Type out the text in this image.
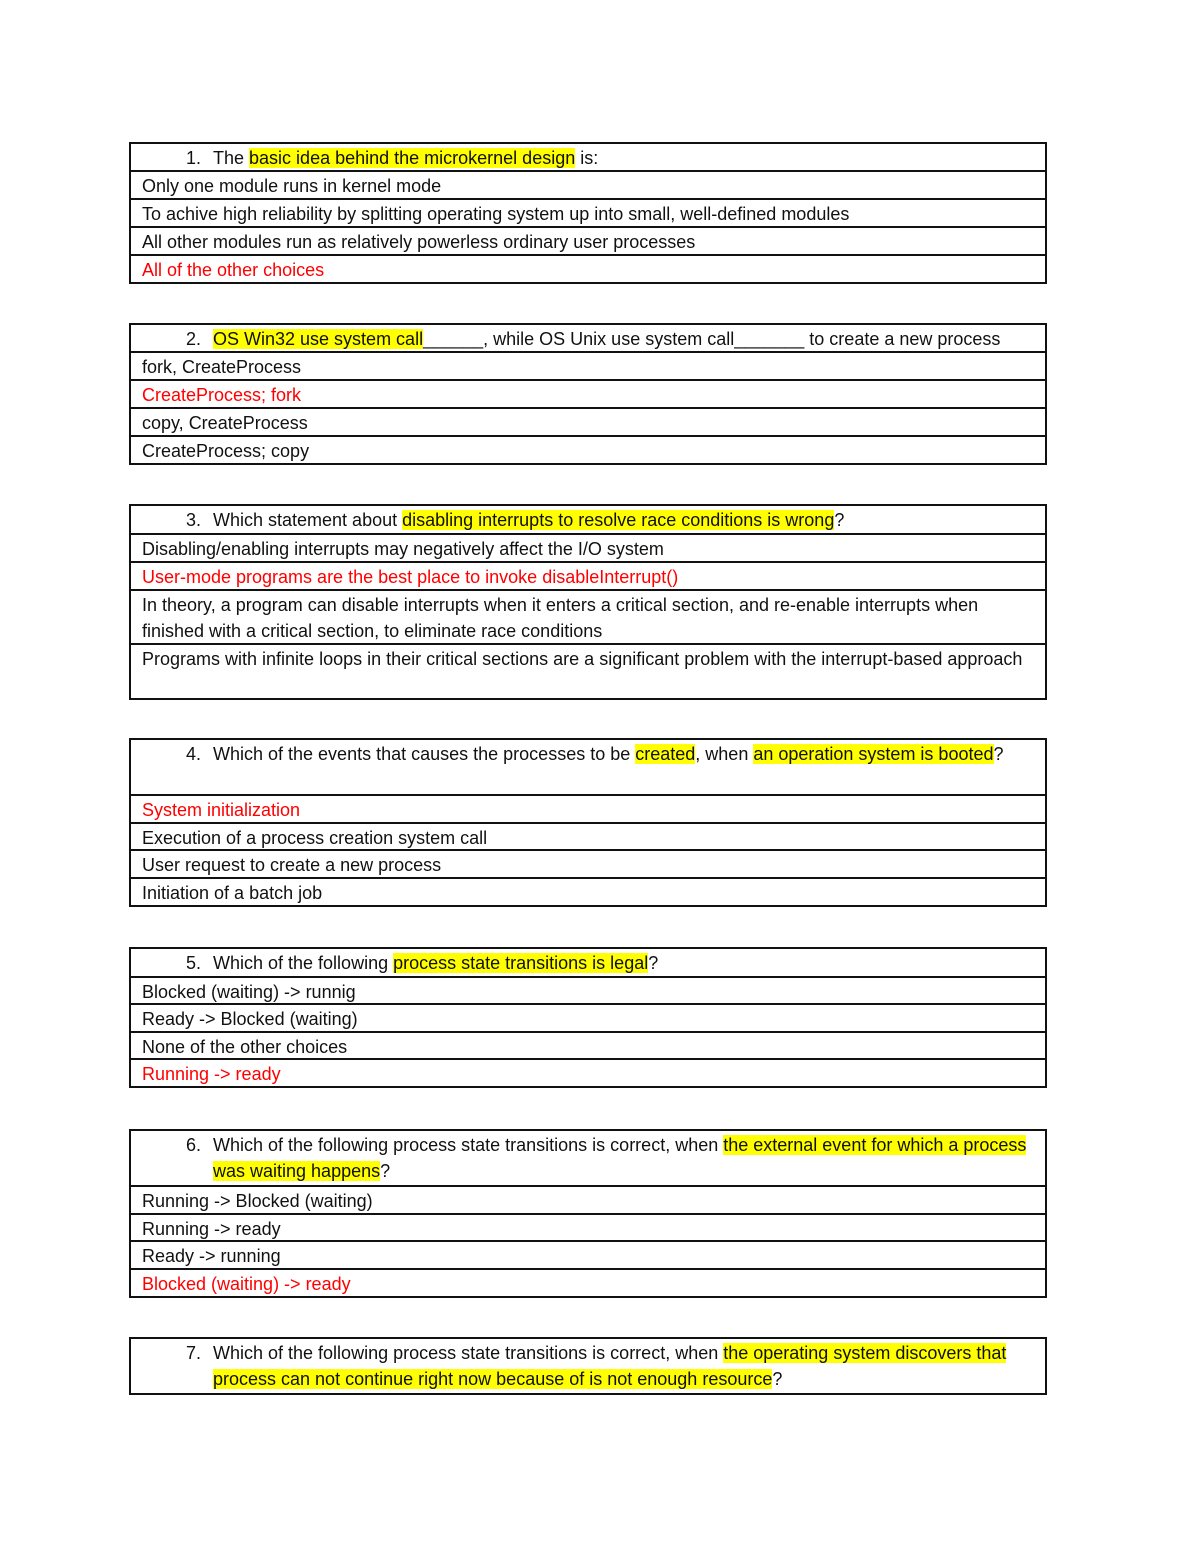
1. The basic idea behind the microkernel design is:
Only one module runs in kernel mode
To achive high reliability by splitting operating system up into small, well-defined modules
All other modules run as relatively powerless ordinary user processes
All of the other choices
2. OS Win32 use system call______, while OS Unix use system call_______ to create a new process
fork, CreateProcess
CreateProcess; fork
copy, CreateProcess
CreateProcess; copy
3. Which statement about disabling interrupts to resolve race conditions is wrong?
Disabling/enabling interrupts may negatively affect the I/O system
User-mode programs are the best place to invoke disableInterrupt()
In theory, a program can disable interrupts when it enters a critical section, and re-enable interrupts when finished with a critical section, to eliminate race conditions
Programs with infinite loops in their critical sections are a significant problem with the interrupt-based approach
4. Which of the events that causes the processes to be created, when an operation system is booted?
System initialization
Execution of a process creation system call
User request to create a new process
Initiation of a batch job
5. Which of the following process state transitions is legal?
Blocked (waiting) -> runnig
Ready -> Blocked (waiting)
None of the other choices
Running -> ready
6. Which of the following process state transitions is correct, when the external event for which a process was waiting happens?
Running -> Blocked (waiting)
Running -> ready
Ready -> running
Blocked (waiting) -> ready
7. Which of the following process state transitions is correct, when the operating system discovers that process can not continue right now because of is not enough resource?
